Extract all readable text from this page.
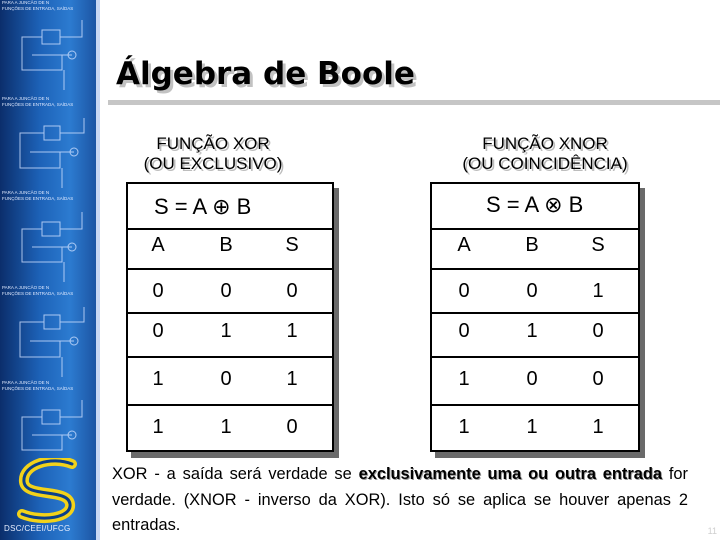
PARA A JUNCÃO DE N
FUNÇÕES DE ENTRADA, SAÍDAS
PARA A JUNCÃO DE N
FUNÇÕES DE ENTRADA, SAÍDAS
PARA A JUNCÃO DE N
FUNÇÕES DE ENTRADA, SAÍDAS
PARA A JUNCÃO DE N
FUNÇÕES DE ENTRADA, SAÍDAS
PARA A JUNCÃO DE N
FUNÇÕES DE ENTRADA, SAÍDAS
DSC/CEEI/UFCG
Álgebra de Boole
FUNÇÃO XOR
(OU EXCLUSIVO)
FUNÇÃO XNOR
(OU COINCIDÊNCIA)
S = A ⊕ B
A	B	S
0	0	0
0	1	1
1	0	1
1	1	0
S = A ⊗ B
A	B	S
0	0	1
0	1	0
1	0	0
1	1	1
XOR - a saída será verdade se exclusivamente uma ou outra entrada for verdade. (XNOR - inverso da XOR). Isto só se aplica se houver apenas 2 entradas.	11
